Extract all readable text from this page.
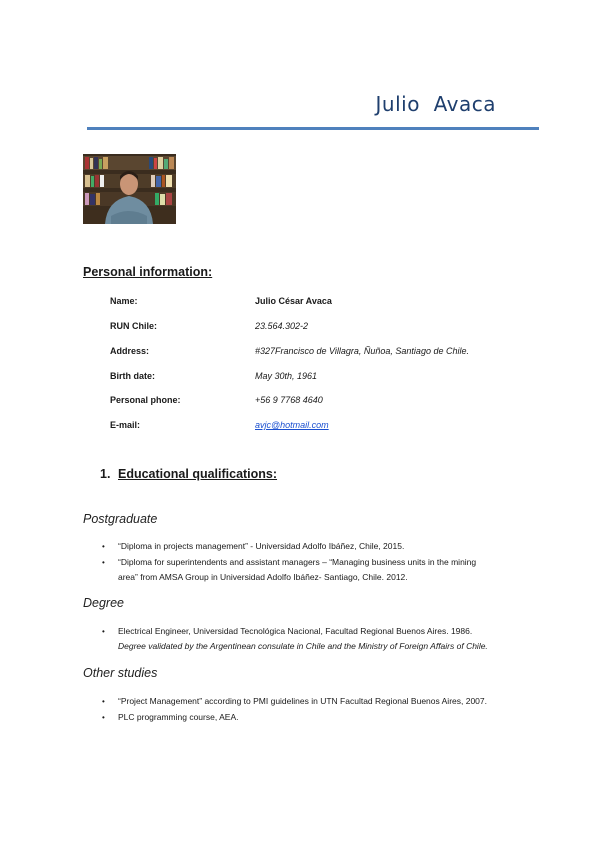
Julio  Avaca
Personal information:
Name:	Julio César Avaca
RUN Chile:	23.564.302-2
Address:	#327Francisco de Villagra, Ñuñoa, Santiago de Chile.
Birth date:	May 30th, 1961
Personal phone:	+56 9 7768 4640
E-mail:	avjc@hotmail.com
1. Educational qualifications:
Postgraduate
• “Diploma in projects management” - Universidad Adolfo Ibáñez, Chile, 2015.
• “Diploma for superintendents and assistant managers – “Managing business units in the mining
area” from AMSA Group in Universidad Adolfo Ibáñez- Santiago, Chile. 2012.
Degree
• Electrical Engineer, Universidad Tecnológica Nacional, Facultad Regional Buenos Aires. 1986.
Degree validated by the Argentinean consulate in Chile and the Ministry of Foreign Affairs of Chile.
Other studies
• “Project Management” according to PMI guidelines in UTN Facultad Regional Buenos Aires, 2007.
• PLC programming course, AEA.
